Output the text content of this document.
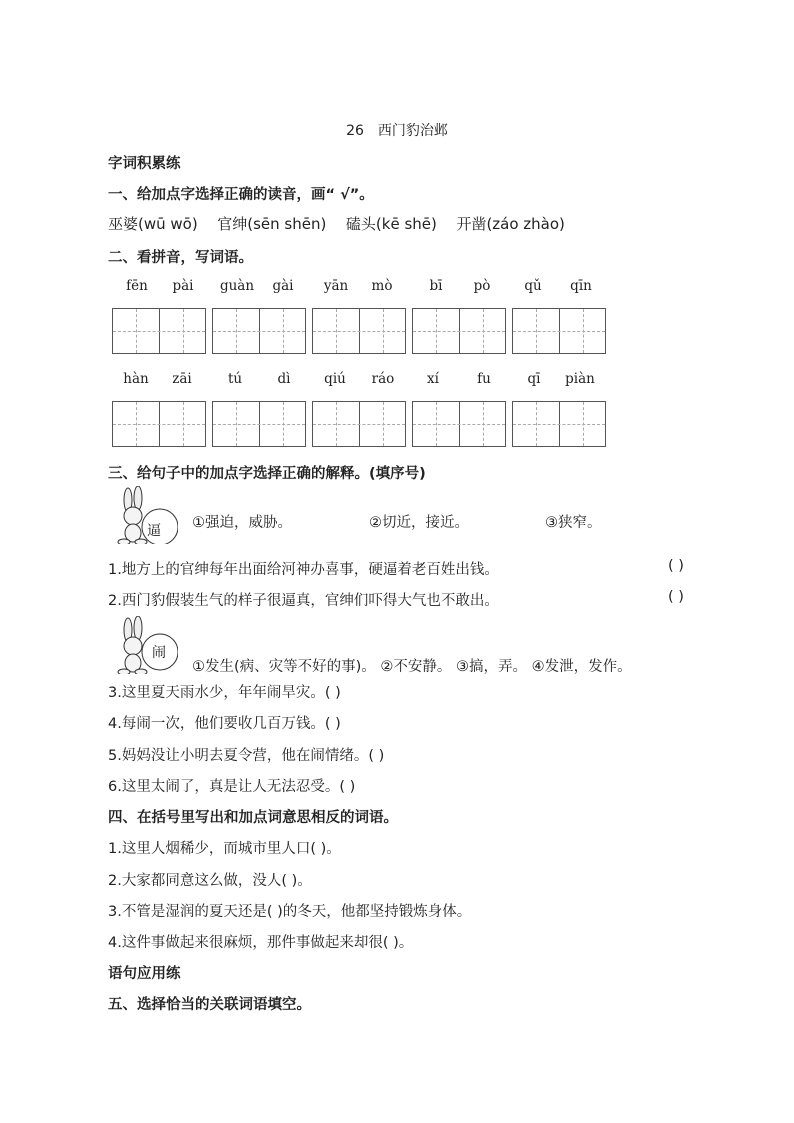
26 西门豹治邺
字词积累练
一、给加点字选择正确的读音，画“ √”。
巫婆(wū wō) 官绅(sēn shēn) 磕头(kē shē) 开凿(záo zhào)
二、看拼音，写词语。
fēn	pài	guàn	gài	yān	mò	bī	pò	qǔ	qīn
hàn	zāi	tú	dì	qiú	ráo	xí	fu	qī	piàn
三、给句子中的加点字选择正确的解释。(填序号)
逼 ①强迫，威胁。	②切近，接近。	③狭窄。
1.地方上的官绅每年出面给河神办喜事，硬逼着老百姓出钱。	( )
2.西门豹假装生气的样子很逼真，官绅们吓得大气也不敢出。	( )
闹
①发生(病、灾等不好的事)。 ②不安静。 ③搞，弄。 ④发泄，发作。
3.这里夏天雨水少，年年闹旱灾。( )
4.每闹一次，他们要收几百万钱。( )
5.妈妈没让小明去夏令营，他在闹情绪。( )
6.这里太闹了，真是让人无法忍受。( )
四、在括号里写出和加点词意思相反的词语。
1.这里人烟稀少，而城市里人口( )。
2.大家都同意这么做，没人( )。
3.不管是湿润的夏天还是( )的冬天，他都坚持锻炼身体。
4.这件事做起来很麻烦，那件事做起来却很( )。
语句应用练
五、选择恰当的关联词语填空。
